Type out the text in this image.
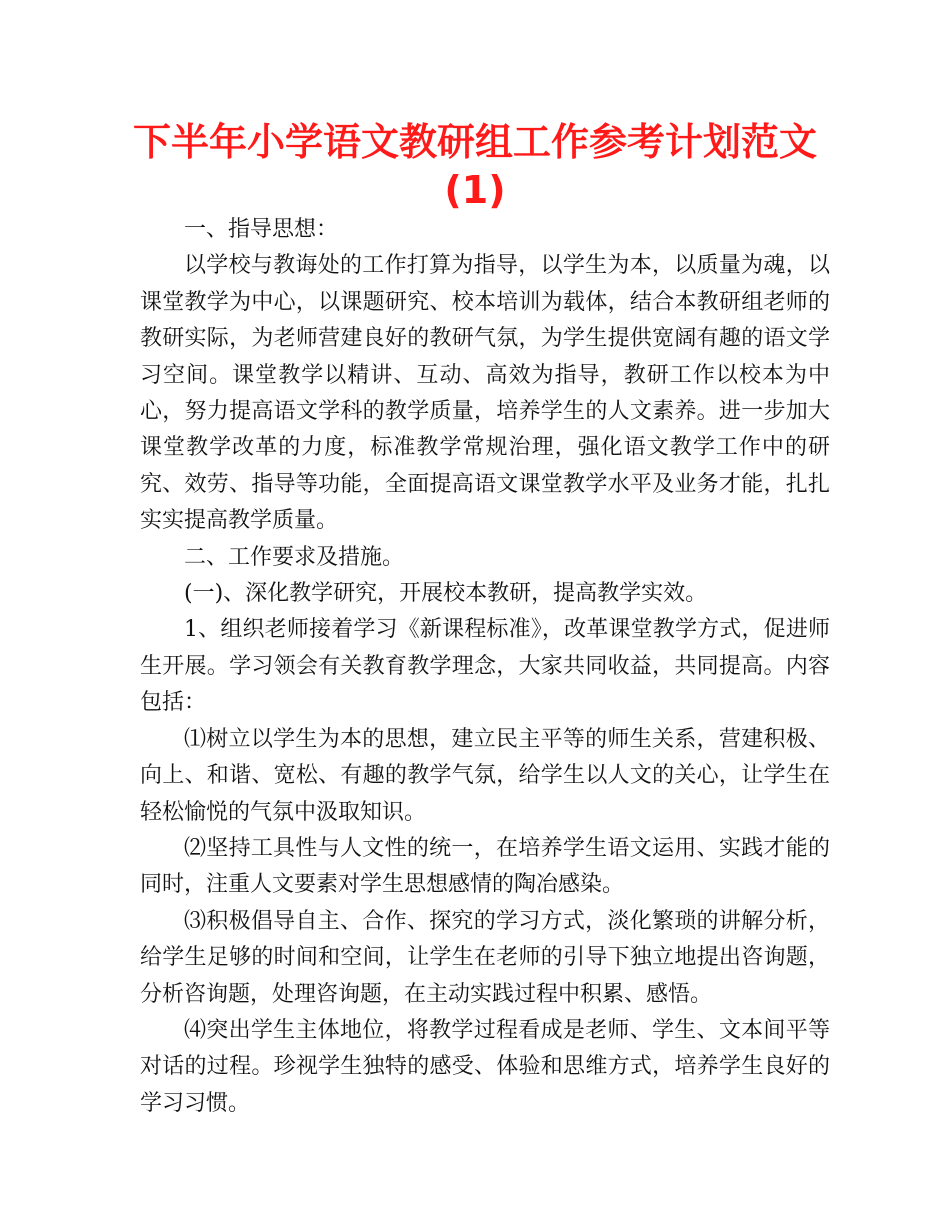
下半年小学语文教研组工作参考计划范文
(1)

一、指导思想：

以学校与教诲处的工作打算为指导，以学生为本，以质量为魂，以课堂教学为中心，以课题研究、校本培训为载体，结合本教研组老师的教研实际，为老师营建良好的教研气氛，为学生提供宽阔有趣的语文学习空间。课堂教学以精讲、互动、高效为指导，教研工作以校本为中心，努力提高语文学科的教学质量，培养学生的人文素养。进一步加大课堂教学改革的力度，标准教学常规治理，强化语文教学工作中的研究、效劳、指导等功能，全面提高语文课堂教学水平及业务才能，扎扎实实提高教学质量。

二、工作要求及措施。

(一)、深化教学研究，开展校本教研，提高教学实效。

1、组织老师接着学习《新课程标准》，改革课堂教学方式，促进师生开展。学习领会有关教育教学理念，大家共同收益，共同提高。内容包括：

⑴树立以学生为本的思想，建立民主平等的师生关系，营建积极、向上、和谐、宽松、有趣的教学气氛，给学生以人文的关心，让学生在轻松愉悦的气氛中汲取知识。

⑵坚持工具性与人文性的统一，在培养学生语文运用、实践才能的同时，注重人文要素对学生思想感情的陶冶感染。

⑶积极倡导自主、合作、探究的学习方式，淡化繁琐的讲解分析，给学生足够的时间和空间，让学生在老师的引导下独立地提出咨询题，分析咨询题，处理咨询题，在主动实践过程中积累、感悟。

⑷突出学生主体地位，将教学过程看成是老师、学生、文本间平等对话的过程。珍视学生独特的感受、体验和思维方式，培养学生良好的学习习惯。
